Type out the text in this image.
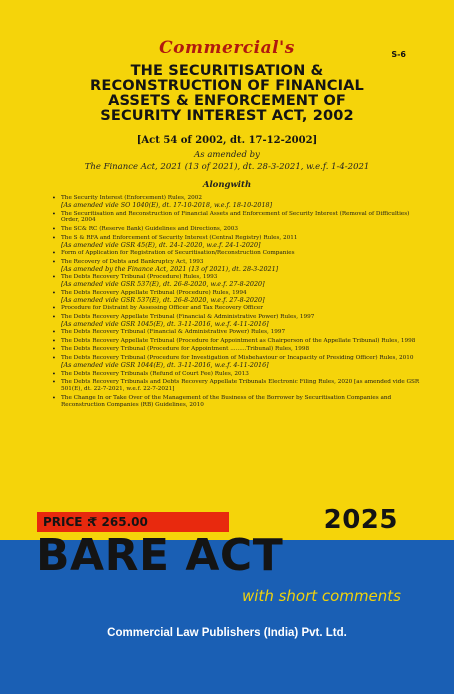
Commercial's	S-6
THE SECURITISATION &
RECONSTRUCTION OF FINANCIAL
ASSETS & ENFORCEMENT OF
SECURITY INTEREST ACT, 2002
[Act 54 of 2002, dt. 17-12-2002]
As amended by
The Finance Act, 2021 (13 of 2021), dt. 28-3-2021, w.e.f. 1-4-2021
Alongwith
• The Security Interest (Enforcement) Rules, 2002
[As amended vide SO 1040(E), dt. 17-10-2018, w.e.f. 18-10-2018]
• The Securitisation and Reconstruction of Financial Assets and Enforcement of Security Interest (Removal of Difficulties) Order, 2004
• The SC& RC (Reserve Bank) Guidelines and Directions, 2003
• The S & RFA and Enforcement of Security Interest (Central Registry) Rules, 2011
[As amended vide GSR 45(E), dt. 24-1-2020, w.e.f. 24-1-2020]
• Form of Application for Registration of Securitisation/Reconstruction Companies
• The Recovery of Debts and Bankruptcy Act, 1993
[As amended by the Finance Act, 2021 (13 of 2021), dt. 28-3-2021]
• The Debts Recovery Tribunal (Procedure) Rules, 1993
[As amended vide GSR 537(E), dt. 26-8-2020, w.e.f. 27-8-2020]
• The Debts Recovery Appellate Tribunal (Procedure) Rules, 1994
[As amended vide GSR 537(E), dt. 26-8-2020, w.e.f. 27-8-2020]
• Procedure for Distraint by Assessing Officer and Tax Recovery Officer
• The Debts Recovery Appellate Tribunal (Financial & Administrative Power) Rules, 1997
[As amended vide GSR 1045(E), dt. 3-11-2016, w.e.f. 4-11-2016]
• The Debts Recovery Tribunal (Financial & Administrative Power) Rules, 1997
• The Debts Recovery Appellate Tribunal (Procedure for Appointment as Chairperson of the Appellate Tribunal) Rules, 1998
• The Debts Recovery Tribunal (Procedure for Appointment .........Tribunal) Rules, 1998
• The Debts Recovery Tribunal (Procedure for Investigation of Misbehaviour or Incapacity of Presiding Officer) Rules, 2010
[As amended vide GSR 1044(E), dt. 3-11-2016, w.e.f. 4-11-2016]
• The Debts Recovery Tribunals (Refund of Court Fee) Rules, 2013
• The Debts Recovery Tribunals and Debts Recovery Appellate Tribunals Electronic Filing Rules, 2020 [as amended vide GSR 501(E), dt. 22-7-2021, w.e.f. 22-7-2021]
• The Change In or Take Over of the Management of the Business of the Borrower by Securitisation Companies and Reconstruction Companies (RB) Guidelines, 2010
PRICE :
₹ 265.00	2025
BARE ACT
with short comments
Commercial Law Publishers (India) Pvt. Ltd.
